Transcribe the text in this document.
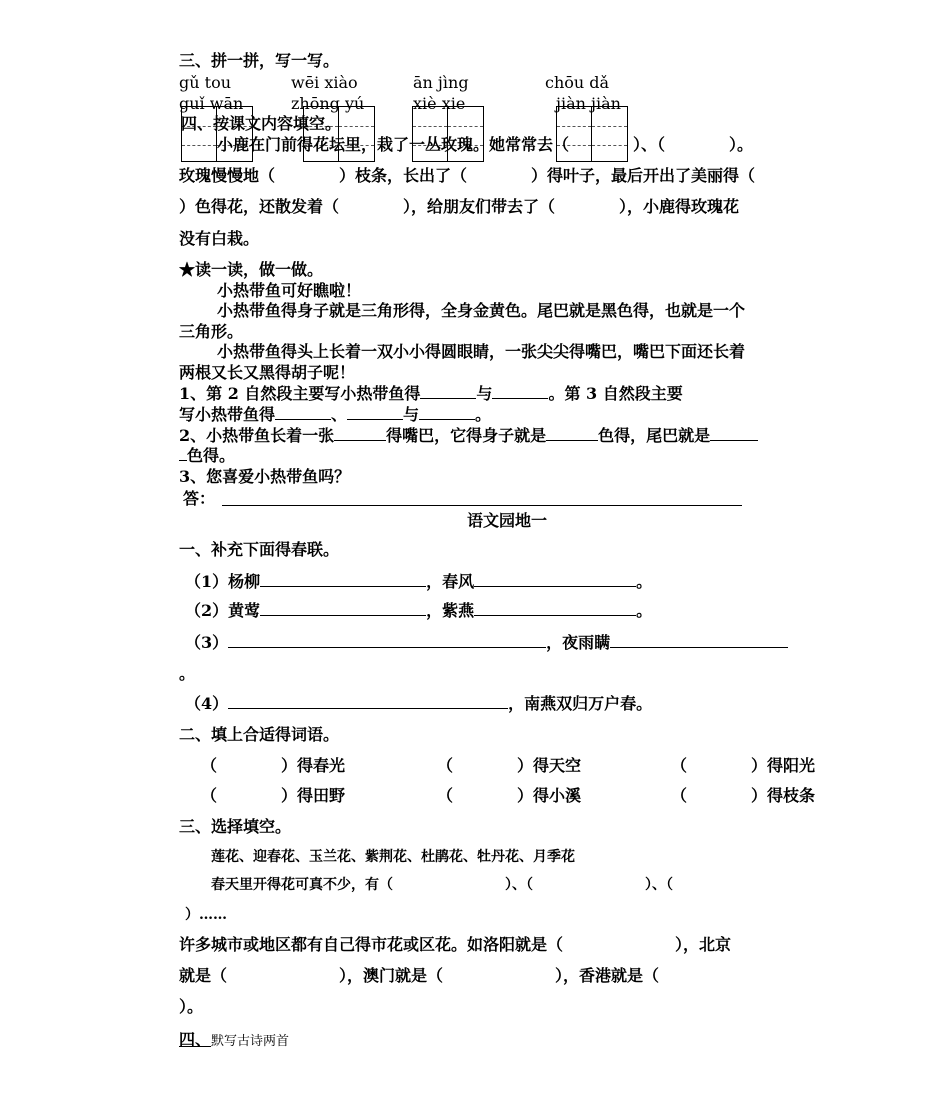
三、拼一拼，写一写。
gǔ tou	wēi xiào	ān jìng	chōu dǎ
guǐ wān	zhōng yú	xiè xie	jiàn jiàn
四、按课文内容填空。
小鹿在门前得花坛里，栽了一丛玫瑰。她常常去（　　　　）、（　　　　）。
玫瑰慢慢地（　　　　）枝条，长出了（　　　　）得叶子，最后开出了美丽得（
）色得花，还散发着（　　　　），给朋友们带去了（　　　　），小鹿得玫瑰花
没有白栽。
★读一读，做一做。
小热带鱼可好瞧啦！
小热带鱼得身子就是三角形得，全身金黄色。尾巴就是黑色得，也就是一个
三角形。
小热带鱼得头上长着一双小小得圆眼睛，一张尖尖得嘴巴，嘴巴下面还长着
两根又长又黑得胡子呢！
1、第 2 自然段主要写小热带鱼得	与	。第 3 自然段主要
写小热带鱼得	、	与	。
2、小热带鱼长着一张	得嘴巴，它得身子就是	色得，尾巴就是
色得。
3、您喜爱小热带鱼吗？
答：
语文园地一
一、补充下面得春联。
（1）杨柳	，春风	。
（2）黄莺	，紫燕	。
（3）	，夜雨瞒
。
（4）	，南燕双归万户春。
二、填上合适得词语。
（　　　　）得春光	（　　　　）得天空	（　　　　）得阳光
（　　　　）得田野	（　　　　）得小溪	（　　　　）得枝条
三、选择填空。
莲花、迎春花、玉兰花、紫荆花、杜鹃花、牡丹花、月季花
春天里开得花可真不少，有（　　　　　　　　）、（　　　　　　　　）、（
）……
许多城市或地区都有自己得市花或区花。如洛阳就是（　　　　　　　），北京
就是（　　　　　　　），澳门就是（　　　　　　　），香港就是（
）。
四、默写古诗两首
